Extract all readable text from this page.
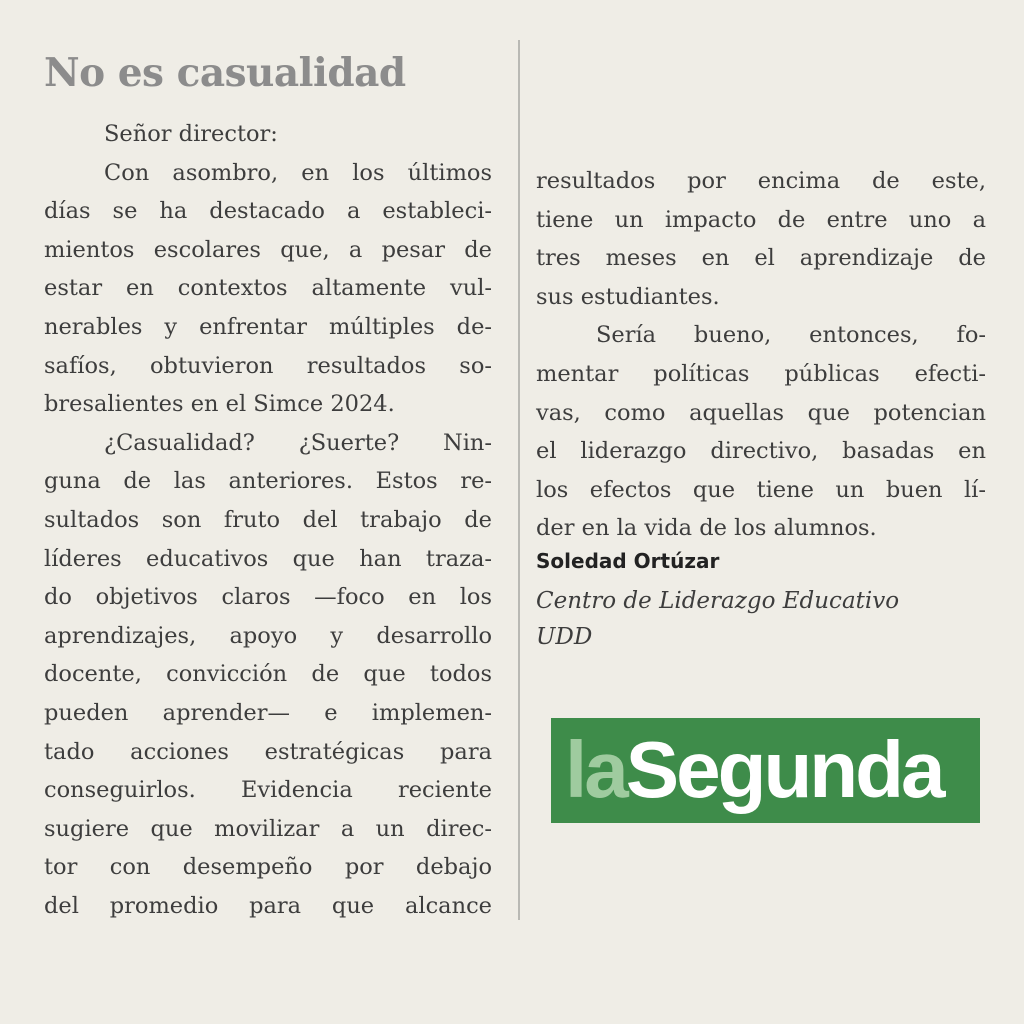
No es casualidad
Señor director:
Con asombro, en los últimos
días se ha destacado a estableci-
mientos escolares que, a pesar de
estar en contextos altamente vul-
nerables y enfrentar múltiples de-
safíos, obtuvieron resultados so-
bresalientes en el Simce 2024.
¿Casualidad? ¿Suerte? Nin-
guna de las anteriores. Estos re-
sultados son fruto del trabajo de
líderes educativos que han traza-
do objetivos claros —foco en los
aprendizajes, apoyo y desarrollo
docente, convicción de que todos
pueden aprender— e implemen-
tado acciones estratégicas para
conseguirlos. Evidencia reciente
sugiere que movilizar a un direc-
tor con desempeño por debajo
del promedio para que alcance
resultados por encima de este,
tiene un impacto de entre uno a
tres meses en el aprendizaje de
sus estudiantes.
Sería bueno, entonces, fo-
mentar políticas públicas efecti-
vas, como aquellas que potencian
el liderazgo directivo, basadas en
los efectos que tiene un buen lí-
der en la vida de los alumnos.
Soledad Ortúzar
Centro de Liderazgo Educativo
UDD
laSegunda
